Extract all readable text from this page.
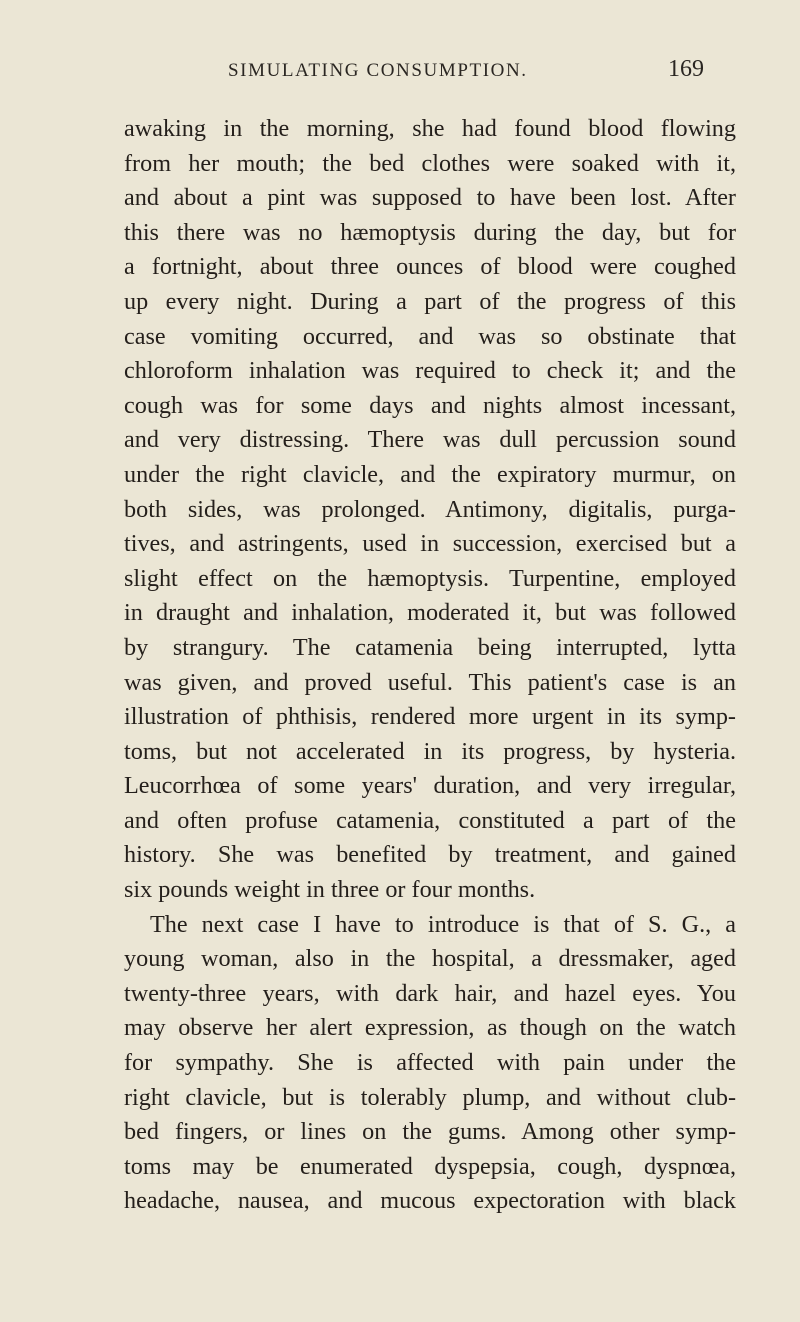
SIMULATING CONSUMPTION.	169
awaking in the morning, she had found blood flowing
from her mouth; the bed clothes were soaked with it,
and about a pint was supposed to have been lost. After
this there was no hæmoptysis during the day, but for
a fortnight, about three ounces of blood were coughed
up every night. During a part of the progress of this
case vomiting occurred, and was so obstinate that
chloroform inhalation was required to check it; and the
cough was for some days and nights almost incessant,
and very distressing. There was dull percussion sound
under the right clavicle, and the expiratory murmur, on
both sides, was prolonged. Antimony, digitalis, purga-
tives, and astringents, used in succession, exercised but a
slight effect on the hæmoptysis. Turpentine, employed
in draught and inhalation, moderated it, but was followed
by strangury. The catamenia being interrupted, lytta
was given, and proved useful. This patient's case is an
illustration of phthisis, rendered more urgent in its symp-
toms, but not accelerated in its progress, by hysteria.
Leucorrhœa of some years' duration, and very irregular,
and often profuse catamenia, constituted a part of the
history. She was benefited by treatment, and gained
six pounds weight in three or four months.
The next case I have to introduce is that of S. G., a
young woman, also in the hospital, a dressmaker, aged
twenty-three years, with dark hair, and hazel eyes. You
may observe her alert expression, as though on the watch
for sympathy. She is affected with pain under the
right clavicle, but is tolerably plump, and without club-
bed fingers, or lines on the gums. Among other symp-
toms may be enumerated dyspepsia, cough, dyspnœa,
headache, nausea, and mucous expectoration with black
